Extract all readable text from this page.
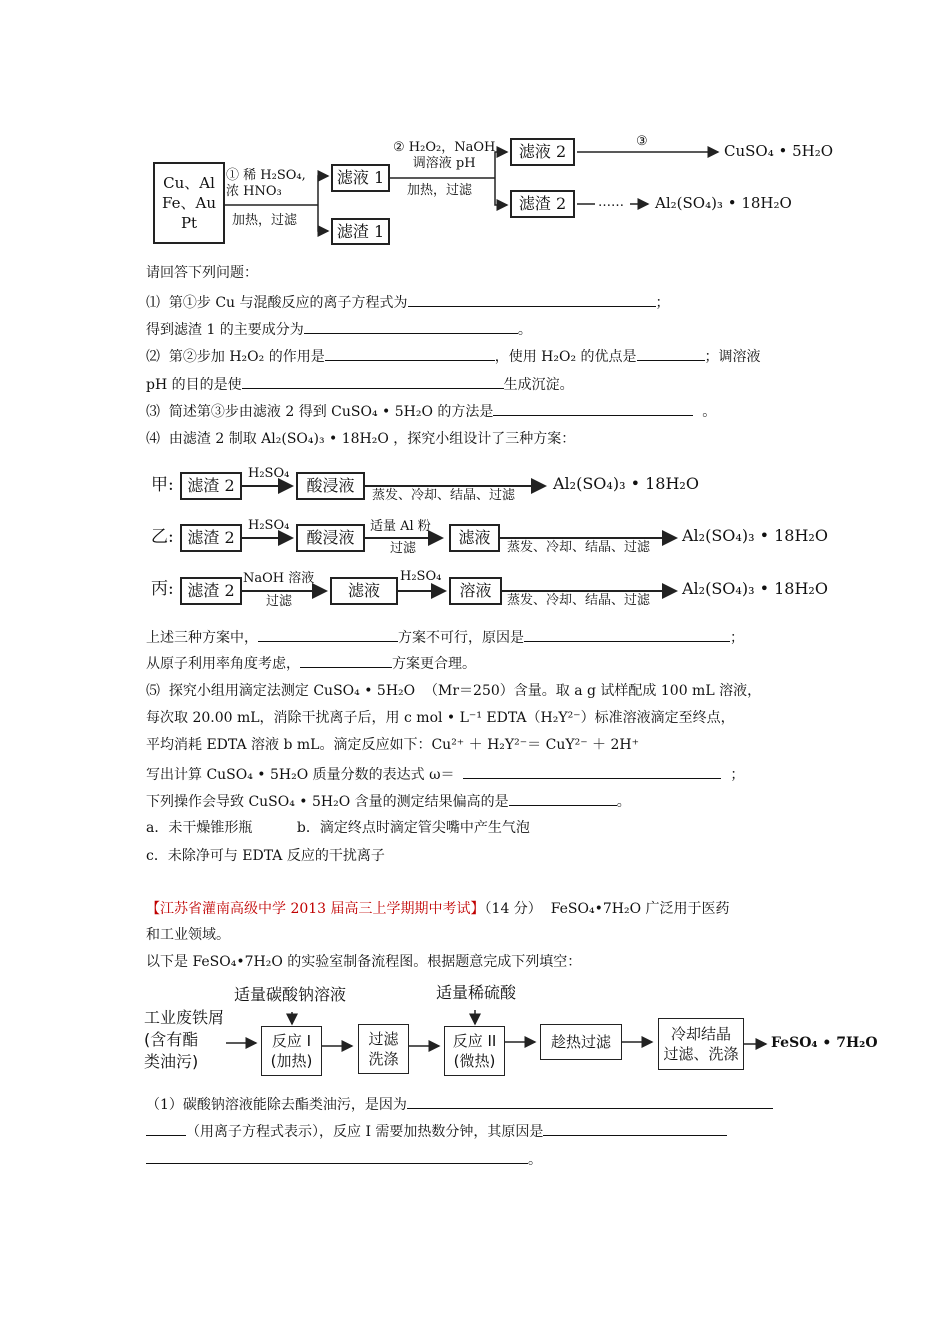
Cu、Al
Fe、Au
Pt
① 稀 H₂SO₄,
浓 HNO₃
加热，过滤
滤液 1
滤渣 1
② H₂O₂，NaOH
调溶液 pH
加热，过滤
滤液 2
滤渣 2
③
……
CuSO₄ • 5H₂O
Al₂(SO₄)₃ • 18H₂O
请回答下列问题：
⑴  第①步 Cu 与混酸反应的离子方程式为	；
得到滤渣 1 的主要成分为	。
⑵  第②步加 H₂O₂ 的作用是	，使用 H₂O₂ 的优点是	；调溶液
pH 的目的是使	生成沉淀。
⑶  简述第③步由滤液 2 得到 CuSO₄ • 5H₂O 的方法是	。
⑷  由滤渣 2 制取 Al₂(SO₄)₃ • 18H₂O ，探究小组设计了三种方案：
甲: 滤渣 2
H₂SO₄
酸浸液
蒸发、冷却、结晶、过滤
Al₂(SO₄)₃ • 18H₂O
乙: 滤渣 2
H₂SO₄
酸浸液
适量 Al 粉
过滤
滤液
蒸发、冷却、结晶、过滤
Al₂(SO₄)₃ • 18H₂O
丙: 滤渣 2
NaOH 溶液
过滤
滤液
H₂SO₄
溶液
蒸发、冷却、结晶、过滤
Al₂(SO₄)₃ • 18H₂O
上述三种方案中，	方案不可行，原因是	；
从原子利用率角度考虑，	方案更合理。
⑸  探究小组用滴定法测定 CuSO₄ • 5H₂O  （Mr＝250）含量。取 a g 试样配成 100 mL 溶液，
每次取 20.00 mL，消除干扰离子后，用 c mol • L⁻¹ EDTA（H₂Y²⁻）标准溶液滴定至终点，
平均消耗 EDTA 溶液 b mL。滴定反应如下：Cu²⁺ ＋ H₂Y²⁻＝ CuY²⁻ ＋ 2H⁺
写出计算 CuSO₄ • 5H₂O 质量分数的表达式 ω＝	；
下列操作会导致 CuSO₄ • 5H₂O 含量的测定结果偏高的是	。
a．未干燥锥形瓶	b．滴定终点时滴定管尖嘴中产生气泡
c．未除净可与 EDTA 反应的干扰离子
【江苏省灌南高级中学 2013 届高三上学期期中考试】（14 分）  FeSO₄•7H₂O 广泛用于医药
和工业领域。
以下是 FeSO₄•7H₂O 的实验室制备流程图。根据题意完成下列填空：
适量碳酸钠溶液	适量稀硫酸
工业废铁屑
(含有酯
类油污)
反应 I
(加热)
过滤
洗涤
反应 II
(微热)
趁热过滤	冷却结晶
过滤、洗涤
FeSO₄ • 7H₂O
（1）碳酸钠溶液能除去酯类油污，是因为
（用离子方程式表示），反应 I 需要加热数分钟，其原因是
。
